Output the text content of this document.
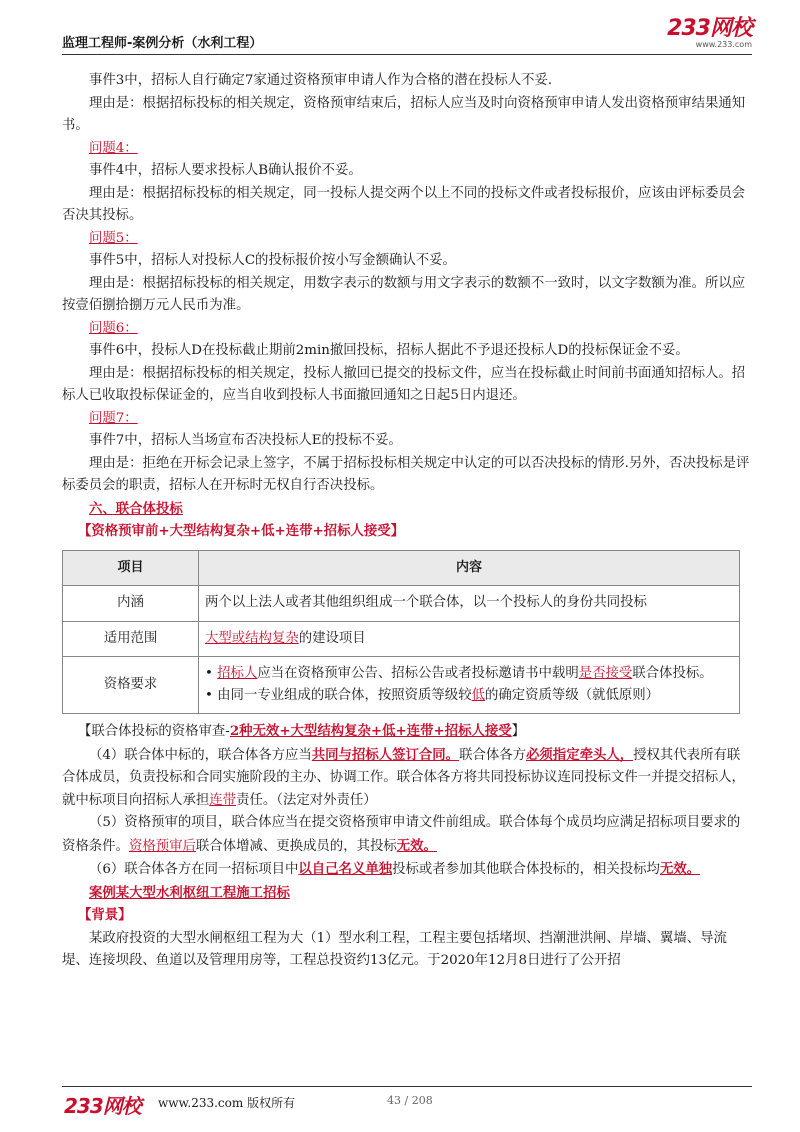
监理工程师-案例分析（水利工程）
233网校
www.233.com

事件3中，招标人自行确定7家通过资格预审申请人作为合格的潜在投标人不妥.

理由是：根据招标投标的相关规定，资格预审结束后，招标人应当及时向资格预审申请人发出资格预审结果通知书。

问题4：

事件4中，招标人要求投标人B确认报价不妥。

理由是：根据招标投标的相关规定，同一投标人提交两个以上不同的投标文件或者投标报价，应该由评标委员会否决其投标。

问题5：

事件5中，招标人对投标人C的投标报价按小写金额确认不妥。

理由是：根据招标投标的相关规定，用数字表示的数额与用文字表示的数额不一致时，以文字数额为准。所以应按壹佰捌拾捌万元人民币为准。

问题6：

事件6中，投标人D在投标截止期前2min撤回投标，招标人据此不予退还投标人D的投标保证金不妥。

理由是：根据招标投标的相关规定，投标人撤回已提交的投标文件，应当在投标截止时间前书面通知招标人。招标人已收取投标保证金的，应当自收到投标人书面撤回通知之日起5日内退还。

问题7：

事件7中，招标人当场宣布否决投标人E的投标不妥。

理由是：拒绝在开标会记录上签字，不属于招标投标相关规定中认定的可以否决投标的情形.另外，否决投标是评标委员会的职责，招标人在开标时无权自行否决投标。

六、联合体投标

【资格预审前+大型结构复杂+低+连带+招标人接受】

项目	内容
内涵	两个以上法人或者其他组织组成一个联合体，以一个投标人的身份共同投标
适用范围	大型或结构复杂的建设项目
资格要求	• 招标人应当在资格预审公告、招标公告或者投标邀请书中载明是否接受联合体投标。
• 由同一专业组成的联合体，按照资质等级较低的确定资质等级（就低原则）

【联合体投标的资格审查-2种无效+大型结构复杂+低+连带+招标人接受】

（4）联合体中标的，联合体各方应当共同与招标人签订合同。联合体各方必须指定牵头人，授权其代表所有联合体成员，负责投标和合同实施阶段的主办、协调工作。联合体各方将共同投标协议连同投标文件一并提交招标人，就中标项目向招标人承担连带责任。（法定对外责任）

（5）资格预审的项目，联合体应当在提交资格预审申请文件前组成。联合体每个成员均应满足招标项目要求的资格条件。资格预审后联合体增减、更换成员的，其投标无效。

（6）联合体各方在同一招标项目中以自己名义单独投标或者参加其他联合体投标的，相关投标均无效。

案例某大型水利枢纽工程施工招标

【背景】

某政府投资的大型水闸枢纽工程为大（1）型水利工程，工程主要包括堵坝、挡潮泄洪闸、岸墙、翼墙、导流堤、连接坝段、鱼道以及管理用房等，工程总投资约13亿元。于2020年12月8日进行了公开招

233网校 www.233.com 版权所有	43 / 208
